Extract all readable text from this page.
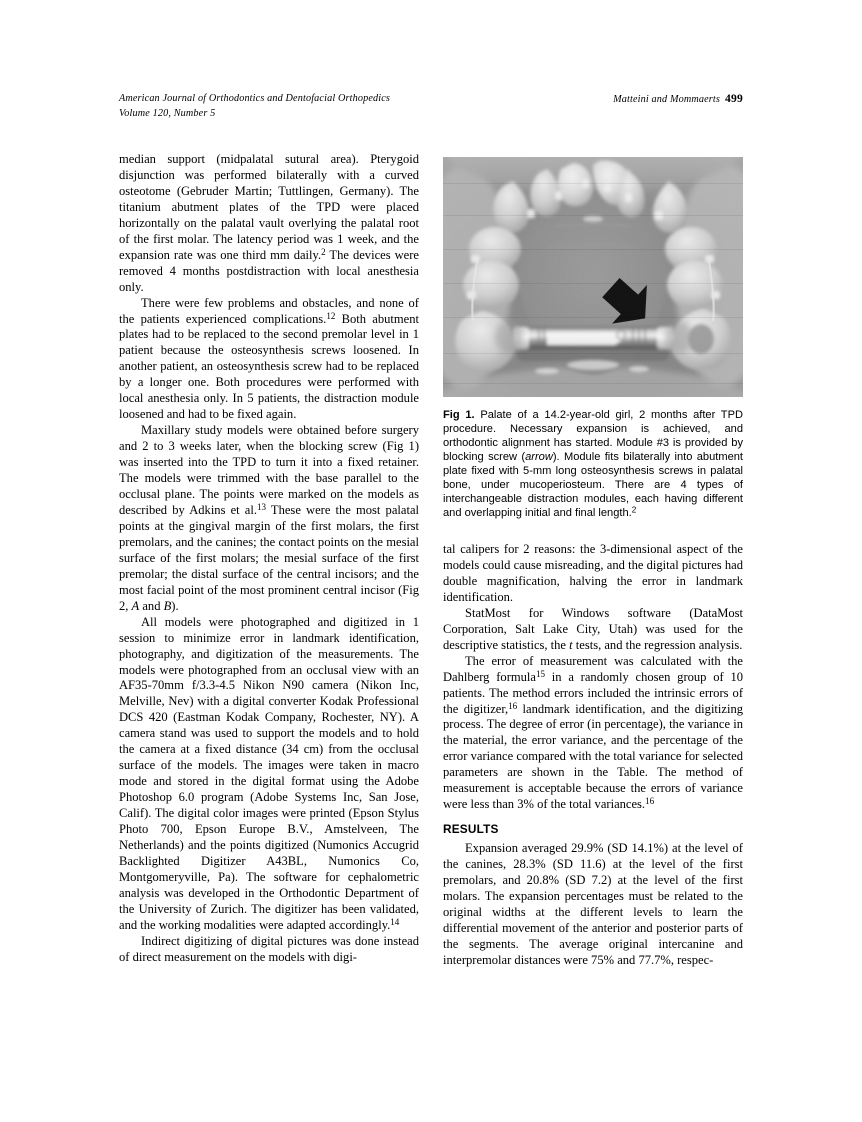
American Journal of Orthodontics and Dentofacial Orthopedics
Volume 120, Number 5
Matteini and Mommaerts 499
Fig 1. Palate of a 14.2-year-old girl, 2 months after TPD procedure. Necessary expansion is achieved, and orthodontic alignment has started. Module #3 is provided by blocking screw (arrow). Module fits bilaterally into abutment plate fixed with 5-mm long osteosynthesis screws in palatal bone, under mucoperiosteum. There are 4 types of interchangeable distraction modules, each having different and overlapping initial and final length.$^2$

median support (midpalatal sutural area). Pterygoid disjunction was performed bilaterally with a curved osteotome (Gebruder Martin; Tuttlingen, Germany). The titanium abutment plates of the TPD were placed horizontally on the palatal vault overlying the palatal root of the first molar. The latency period was 1 week, and the expansion rate was one third mm daily.$^2$ The devices were removed 4 months postdistraction with local anesthesia only.

There were few problems and obstacles, and none of the patients experienced complications.$^{12}$ Both abutment plates had to be replaced to the second premolar level in 1 patient because the osteosynthesis screws loosened. In another patient, an osteosynthesis screw had to be replaced by a longer one. Both procedures were performed with local anesthesia only. In 5 patients, the distraction module loosened and had to be fixed again.

Maxillary study models were obtained before surgery and 2 to 3 weeks later, when the blocking screw (Fig 1) was inserted into the TPD to turn it into a fixed retainer. The models were trimmed with the base parallel to the occlusal plane. The points were marked on the models as described by Adkins et al.$^{13}$ These were the most palatal points at the gingival margin of the first molars, the first premolars, and the canines; the contact points on the mesial surface of the first molars; the mesial surface of the first premolar; the distal surface of the central incisors; and the most facial point of the most prominent central incisor (Fig 2, A and B).

All models were photographed and digitized in 1 session to minimize error in landmark identification, photography, and digitization of the measurements. The models were photographed from an occlusal view with an AF35-70mm f/3.3-4.5 Nikon N90 camera (Nikon Inc, Melville, Nev) with a digital converter Kodak Professional DCS 420 (Eastman Kodak Company, Rochester, NY). A camera stand was used to support the models and to hold the camera at a fixed distance (34 cm) from the occlusal surface of the models. The images were taken in macro mode and stored in the digital format using the Adobe Photoshop 6.0 program (Adobe Systems Inc, San Jose, Calif). The digital color images were printed (Epson Stylus Photo 700, Epson Europe B.V., Amstelveen, The Netherlands) and the points digitized (Numonics Accugrid Backlighted Digitizer A43BL, Numonics Co, Montgomeryville, Pa). The software for cephalometric analysis was developed in the Orthodontic Department of the University of Zurich. The digitizer has been validated, and the working modalities were adapted accordingly.$^{14}$

Indirect digitizing of digital pictures was done instead of direct measurement on the models with digi-

tal calipers for 2 reasons: the 3-dimensional aspect of the models could cause misreading, and the digital pictures had double magnification, halving the error in landmark identification.

StatMost for Windows software (DataMost Corporation, Salt Lake City, Utah) was used for the descriptive statistics, the t tests, and the regression analysis.

The error of measurement was calculated with the Dahlberg formula$^{15}$ in a randomly chosen group of 10 patients. The method errors included the intrinsic errors of the digitizer,$^{16}$ landmark identification, and the digitizing process. The degree of error (in percentage), the variance in the material, the error variance, and the percentage of the error variance compared with the total variance for selected parameters are shown in the Table. The method of measurement is acceptable because the errors of variance were less than 3% of the total variances.$^{16}$

RESULTS

Expansion averaged 29.9% (SD 14.1%) at the level of the canines, 28.3% (SD 11.6) at the level of the first premolars, and 20.8% (SD 7.2) at the level of the first molars. The expansion percentages must be related to the original widths at the different levels to learn the differential movement of the anterior and posterior parts of the segments. The average original intercanine and interpremolar distances were 75% and 77.7%, respec-
